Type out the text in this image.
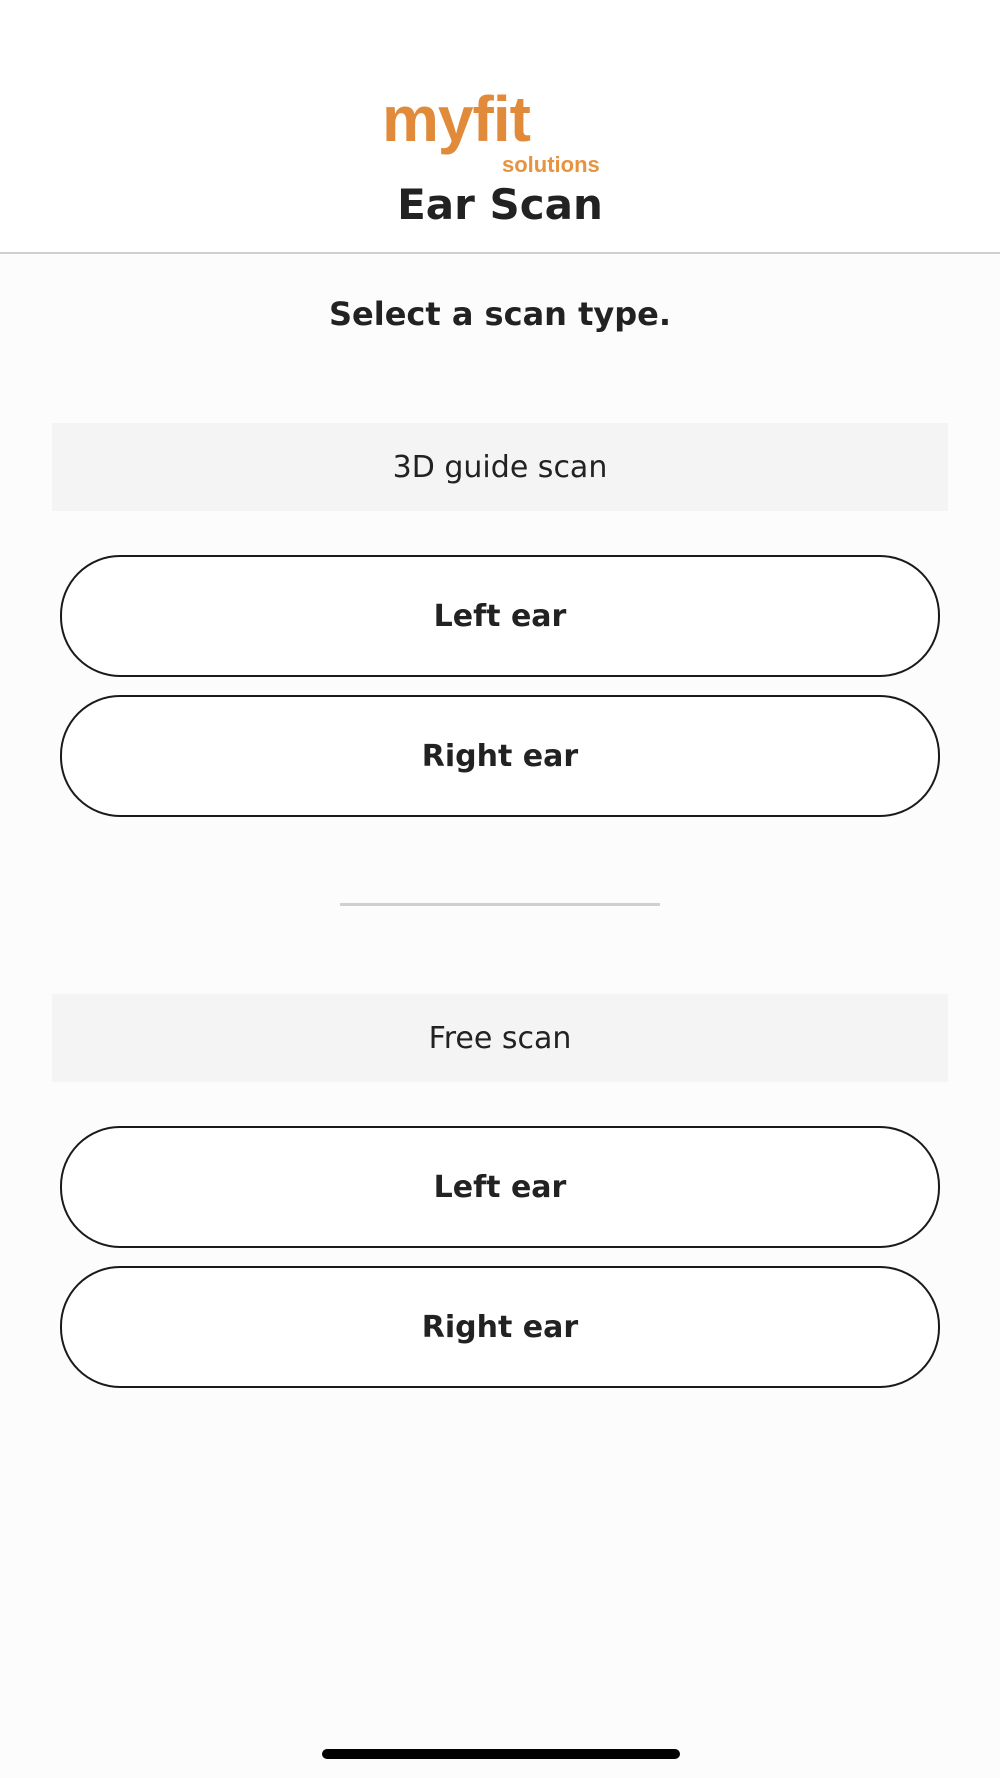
myfit
solutions
Ear Scan
Select a scan type.
3D guide scan
Left ear
Right ear
Free scan
Left ear
Right ear
